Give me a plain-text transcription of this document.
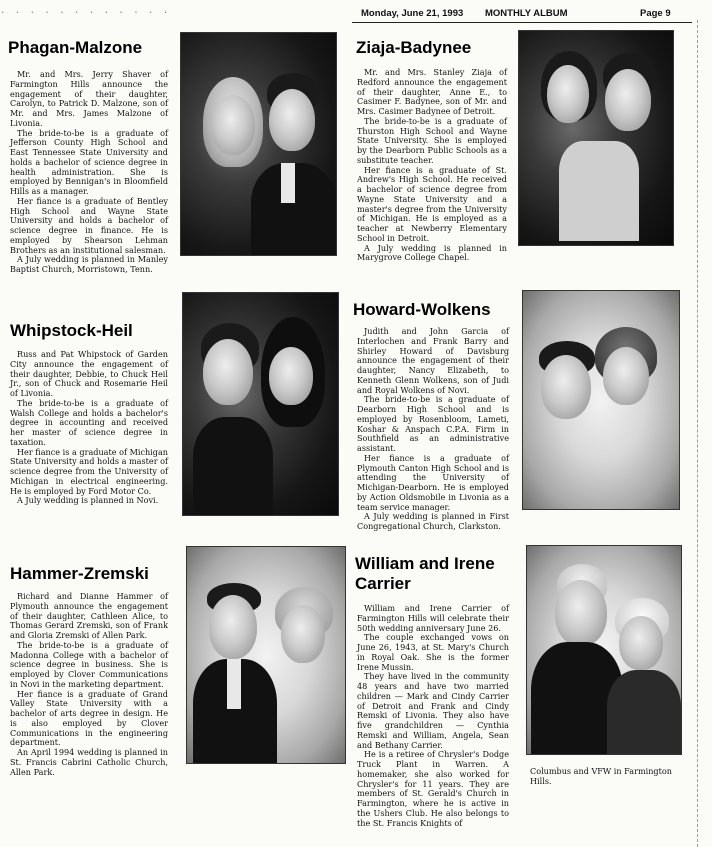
· · · · · · · · · · · ·	Monday, June 21, 1993 MONTHLY ALBUM	Page 9
Phagan-Malzone

Mr. and Mrs. Jerry Shaver of Farmington Hills announce the engagement of their daughter, Carolyn, to Patrick D. Malzone, son of Mr. and Mrs. James Malzone of Livonia.

The bride-to-be is a graduate of Jefferson County High School and East Tennessee State University and holds a bachelor of science degree in health administration. She is employed by Bennigan's in Bloomfield Hills as a manager.

Her fiance is a graduate of Bentley High School and Wayne State University and holds a bachelor of science degree in finance. He is employed by Shearson Lehman Brothers as an institutional salesman.

A July wedding is planned in Manley Baptist Church, Morristown, Tenn.

Ziaja-Badynee

Mr. and Mrs. Stanley Ziaja of Redford announce the engagement of their daughter, Anne E., to Casimer F. Badynee, son of Mr. and Mrs. Casimer Badynee of Detroit.

The bride-to-be is a graduate of Thurston High School and Wayne State University. She is employed by the Dearborn Public Schools as a substitute teacher.

Her fiance is a graduate of St. Andrew's High School. He received a bachelor of science degree from Wayne State University and a master's degree from the University of Michigan. He is employed as a teacher at Newberry Elementary School in Detroit.

A July wedding is planned in Marygrove College Chapel.

Whipstock-Heil

Russ and Pat Whipstock of Garden City announce the engagement of their daughter, Debbie, to Chuck Heil Jr., son of Chuck and Rosemarie Heil of Livonia.

The bride-to-be is a graduate of Walsh College and holds a bachelor's degree in accounting and received her master of science degree in taxation.

Her fiance is a graduate of Michigan State University and holds a master of science degree from the University of Michigan in electrical engineering. He is employed by Ford Motor Co.

A July wedding is planned in Novi.

Howard-Wolkens

Judith and John Garcia of Interlochen and Frank Barry and Shirley Howard of Davisburg announce the engagement of their daughter, Nancy Elizabeth, to Kenneth Glenn Wolkens, son of Judi and Royal Wolkens of Novi.

The bride-to-be is a graduate of Dearborn High School and is employed by Rosenbloom, Lameti, Koshar & Anspach C.P.A. Firm in Southfield as an administrative assistant.

Her fiance is a graduate of Plymouth Canton High School and is attending the University of Michigan-Dearborn. He is employed by Action Oldsmobile in Livonia as a team service manager.

A July wedding is planned in First Congregational Church, Clarkston.

Hammer-Zremski

Richard and Dianne Hammer of Plymouth announce the engagement of their daughter, Cathleen Alice, to Thomas Gerard Zremski, son of Frank and Gloria Zremski of Allen Park.

The bride-to-be is a graduate of Madonna College with a bachelor of science degree in business. She is employed by Clover Communications in Novi in the marketing department.

Her fiance is a graduate of Grand Valley State University with a bachelor of arts degree in design. He is also employed by Clover Communications in the engineering department.

An April 1994 wedding is planned in St. Francis Cabrini Catholic Church, Allen Park.

William and Irene Carrier

William and Irene Carrier of Farmington Hills will celebrate their 50th wedding anniversary June 26.

The couple exchanged vows on June 26, 1943, at St. Mary's Church in Royal Oak. She is the former Irene Mussin.

They have lived in the community 48 years and have two married children — Mark and Cindy Carrier of Detroit and Frank and Cindy Remski of Livonia. They also have five grandchildren — Cynthia Remski and William, Angela, Sean and Bethany Carrier.

He is a retiree of Chrysler's Dodge Truck Plant in Warren. A homemaker, she also worked for Chrysler's for 11 years. They are members of St. Gerald's Church in Farmington, where he is active in the Ushers Club. He also belongs to the St. Francis Knights of

Columbus and VFW in Farmington Hills.
